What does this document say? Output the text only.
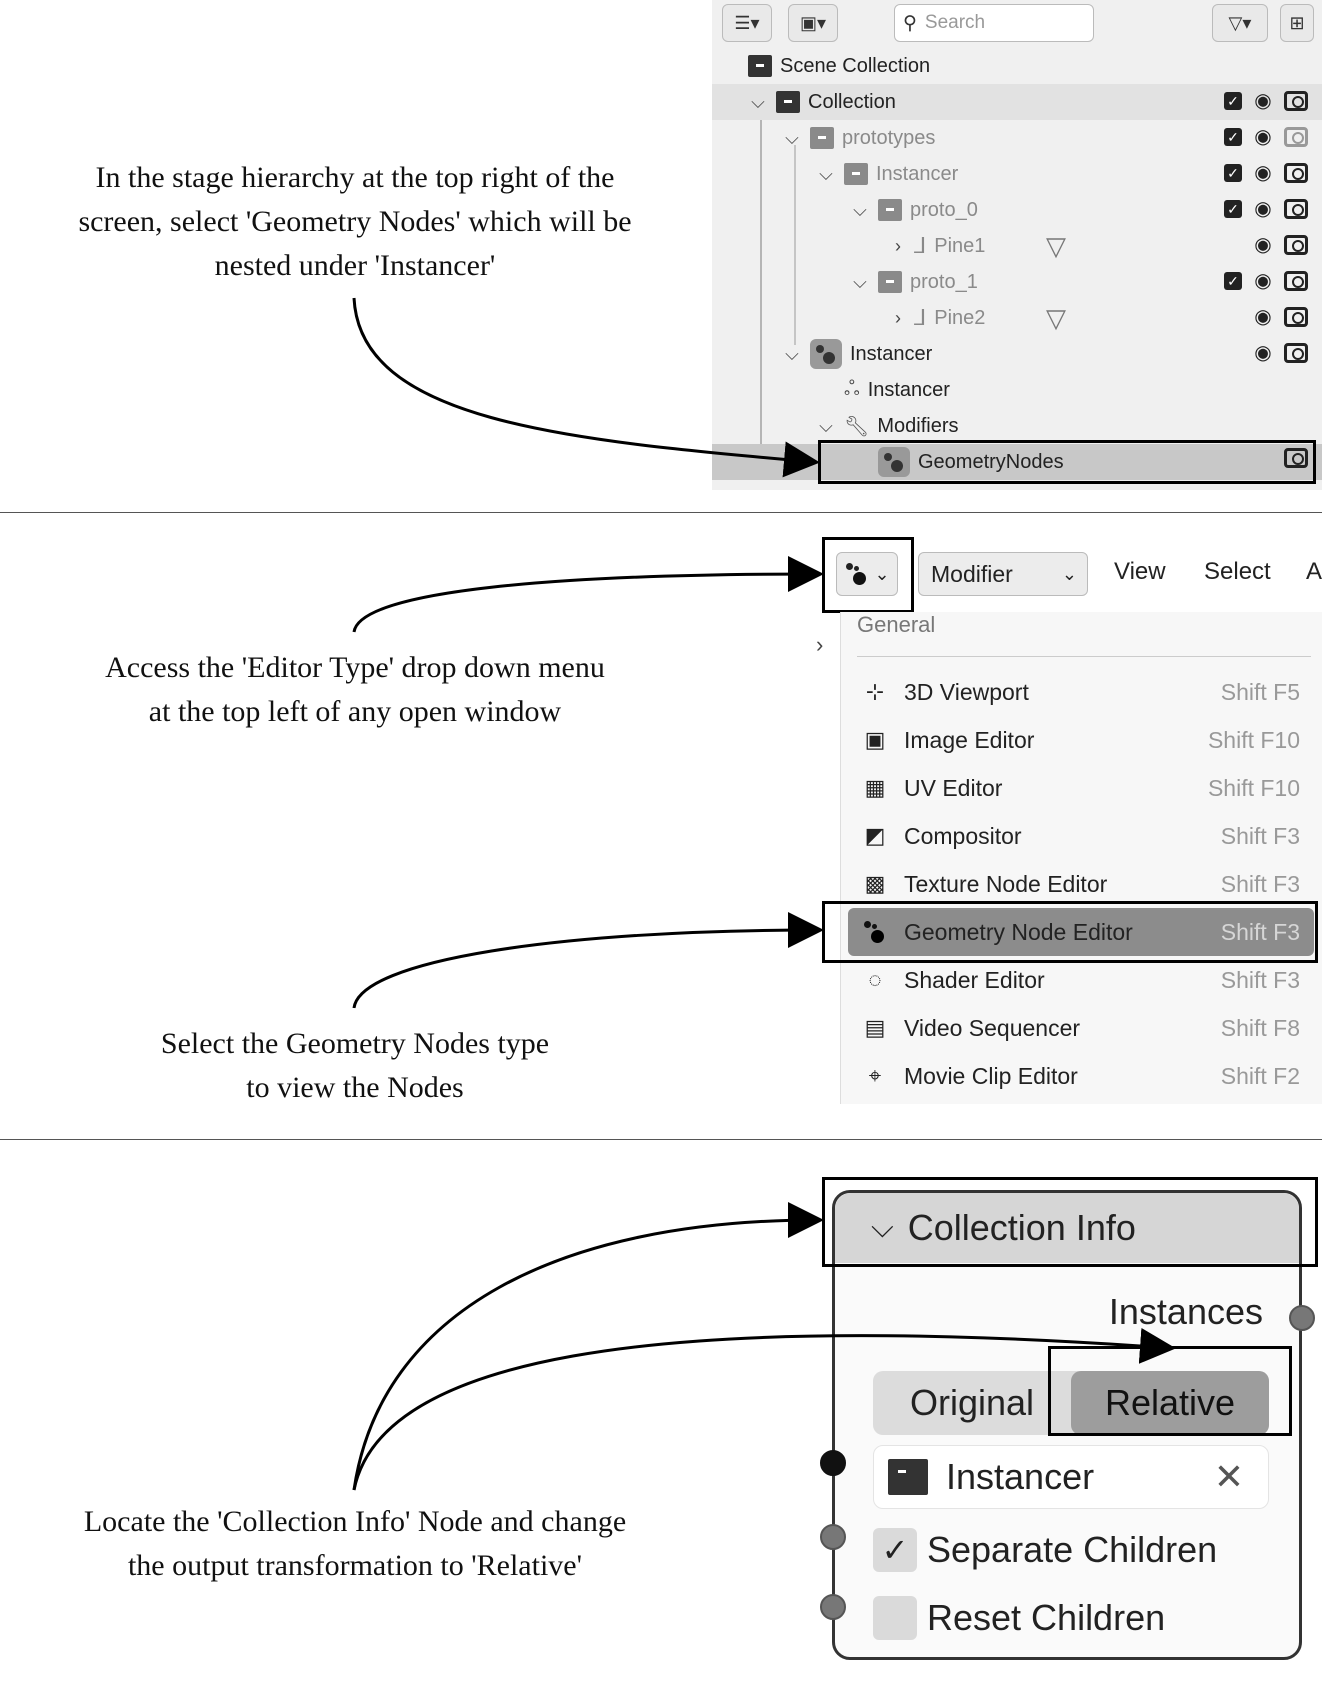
In the stage hierarchy at the top right of the
screen, select 'Geometry Nodes' which will be
nested under 'Instancer'
☰▾	▣▾	⚲ Search	▽▾	⊞
Scene Collection
⌵ Collection	✓ ◉
⌵ prototypes	✓ ◉
⌵ Instancer	✓ ◉
⌵ proto_0	✓ ◉
› ⅃ Pine1 ▽	◉
⌵ proto_1	✓ ◉
› ⅃ Pine2 ▽	◉
⌵	Instancer	◉
ஃ Instancer
⌵ 🔧︎ Modifiers
GeometryNodes
Access the 'Editor Type' drop down menu
at the top left of any open window
⌄ Modifier	⌄ View Select A
General
›
⊹ 3D Viewport	Shift F5
▣ Image Editor	Shift F10
▦ UV Editor	Shift F10
◩ Compositor	Shift F3
▩ Texture Node Editor	Shift F3
Geometry Node Editor	Shift F3
◌ Shader Editor	Shift F3
▤ Video Sequencer	Shift F8
⌖ Movie Clip Editor	Shift F2
Select the Geometry Nodes type
to view the Nodes
Locate the 'Collection Info' Node and change
the output transformation to 'Relative'
⌵ Collection Info
Instances
Original	Relative
Instancer	✕
✓ Separate Children
Reset Children
